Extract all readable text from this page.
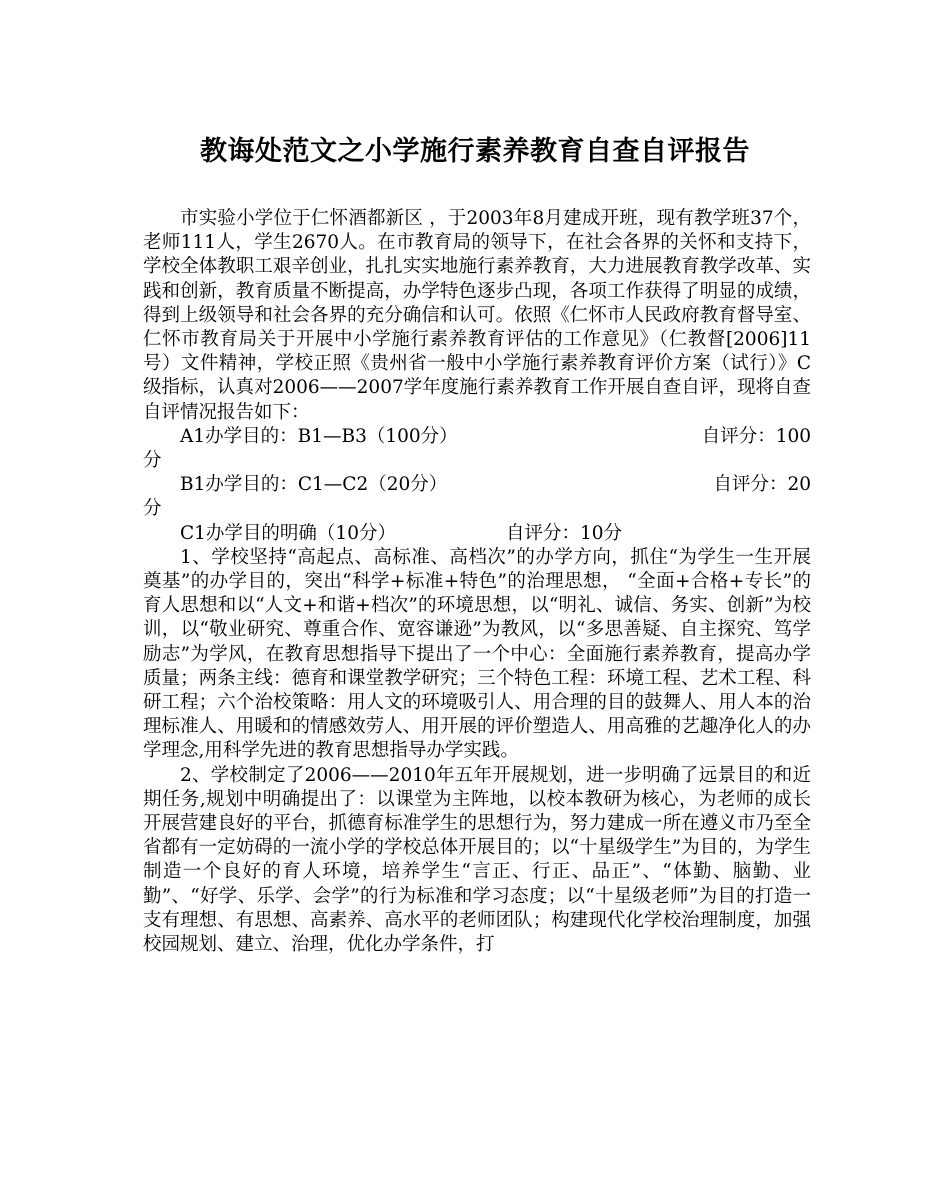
教诲处范文之小学施行素养教育自查自评报告

市实验小学位于仁怀酒都新区 ，于2003年8月建成开班，现有教学班37个，老师111人，学生2670人。在市教育局的领导下，在社会各界的关怀和支持下，学校全体教职工艰辛创业，扎扎实实地施行素养教育，大力进展教育教学改革、实践和创新，教育质量不断提高，办学特色逐步凸现，各项工作获得了明显的成绩，得到上级领导和社会各界的充分确信和认可。依照《仁怀市人民政府教育督导室、仁怀市教育局关于开展中小学施行素养教育评估的工作意见》（仁教督[2006]11号）文件精神，学校正照《贵州省一般中小学施行素养教育评价方案（试行）》C级指标，认真对2006——2007学年度施行素养教育工作开展自查自评，现将自查自评情况报告如下：

自评分：100
A1办学目的：B1—B3（100分）

分

自评分：20
B1办学目的：C1—C2（20分）

分

C1办学目的明确（10分）	自评分：10分

1、学校坚持“高起点、高标准、高档次”的办学方向，抓住“为学生一生开展奠基”的办学目的，突出“科学+标准+特色”的治理思想， “全面+合格+专长”的育人思想和以“人文+和谐+档次”的环境思想，以“明礼、诚信、务实、创新”为校训，以“敬业研究、尊重合作、宽容谦逊”为教风，以“多思善疑、自主探究、笃学励志”为学风，在教育思想指导下提出了一个中心：全面施行素养教育，提高办学质量；两条主线：德育和课堂教学研究；三个特色工程：环境工程、艺术工程、科研工程；六个治校策略：用人文的环境吸引人、用合理的目的鼓舞人、用人本的治理标准人、用暖和的情感效劳人、用开展的评价塑造人、用高雅的艺趣净化人的办学理念,用科学先进的教育思想指导办学实践。

2、学校制定了2006——2010年五年开展规划，进一步明确了远景目的和近期任务,规划中明确提出了：以课堂为主阵地，以校本教研为核心，为老师的成长开展营建良好的平台，抓德育标准学生的思想行为，努力建成一所在遵义市乃至全省都有一定妨碍的一流小学的学校总体开展目的；以“十星级学生”为目的，为学生制造一个良好的育人环境，培养学生“言正、行正、品正”、“体勤、脑勤、业勤”、“好学、乐学、会学”的行为标准和学习态度；以“十星级老师”为目的打造一支有理想、有思想、高素养、高水平的老师团队；构建现代化学校治理制度，加强校园规划、建立、治理，优化办学条件，打
